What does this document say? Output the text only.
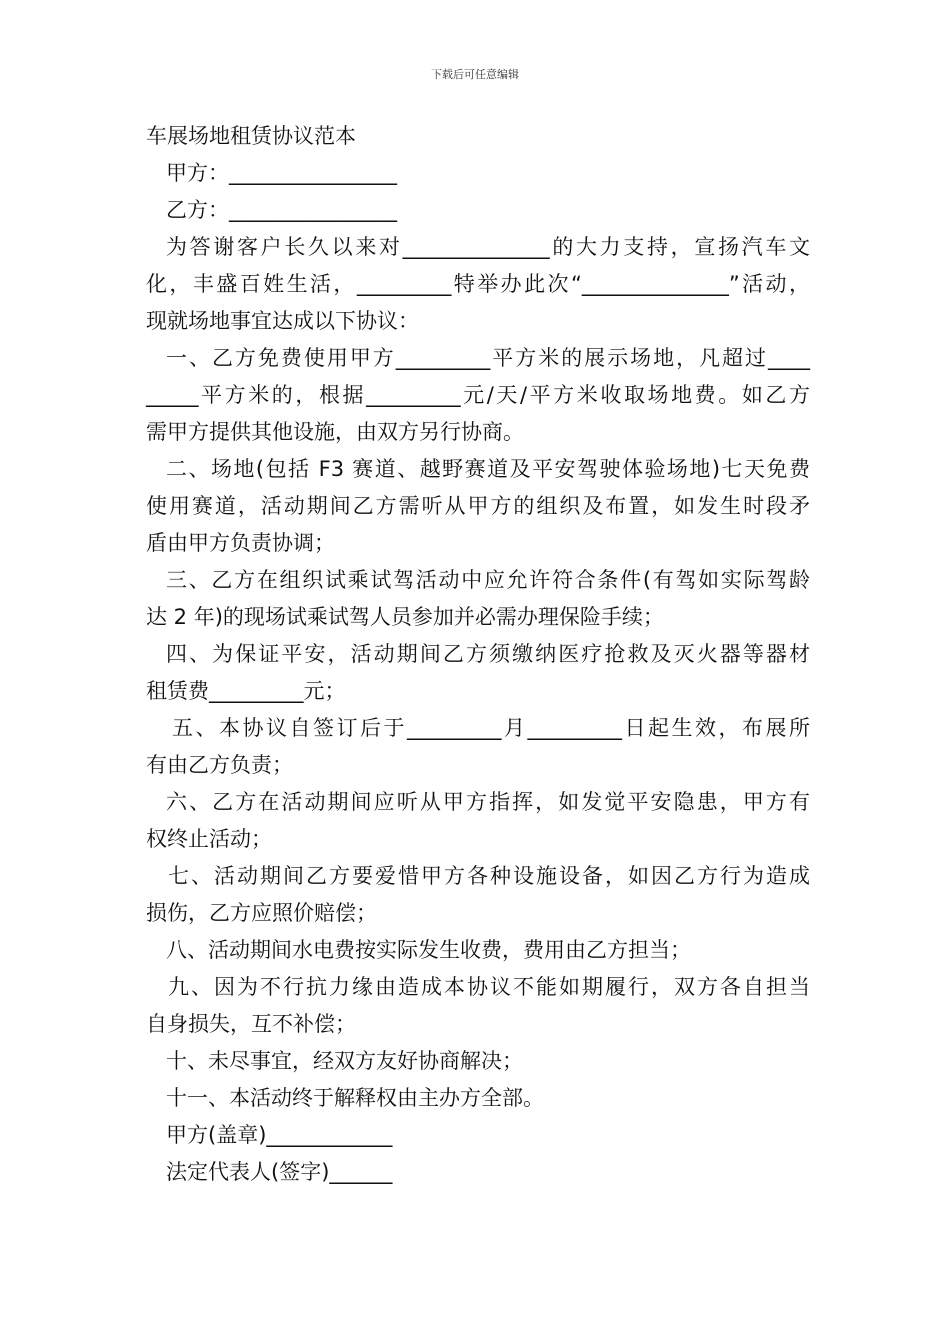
下载后可任意编辑
车展场地租赁协议范本
甲方：________________
乙方：________________
为答谢客户长久以来对______________的大力支持，宣扬汽车文
化，丰盛百姓生活，_________特举办此次“______________”活动，
现就场地事宜达成以下协议：
一、乙方免费使用甲方_________平方米的展示场地，凡超过____
_____平方米的，根据_________元/天/平方米收取场地费。如乙方
需甲方提供其他设施，由双方另行协商。
二、场地(包括 F3 赛道、越野赛道及平安驾驶体验场地)七天免费
使用赛道，活动期间乙方需听从甲方的组织及布置，如发生时段矛
盾由甲方负责协调；
三、乙方在组织试乘试驾活动中应允许符合条件(有驾如实际驾龄
达 2 年)的现场试乘试驾人员参加并必需办理保险手续；
四、为保证平安，活动期间乙方须缴纳医疗抢救及灭火器等器材
租赁费_________元；
五、本协议自签订后于_________月_________日起生效，布展所
有由乙方负责；
六、乙方在活动期间应听从甲方指挥，如发觉平安隐患，甲方有
权终止活动；
七、活动期间乙方要爱惜甲方各种设施设备，如因乙方行为造成
损伤，乙方应照价赔偿；
八、活动期间水电费按实际发生收费，费用由乙方担当；
九、因为不行抗力缘由造成本协议不能如期履行，双方各自担当
自身损失，互不补偿；
十、未尽事宜，经双方友好协商解决；
十一、本活动终于解释权由主办方全部。
甲方(盖章)____________
法定代表人(签字)______
